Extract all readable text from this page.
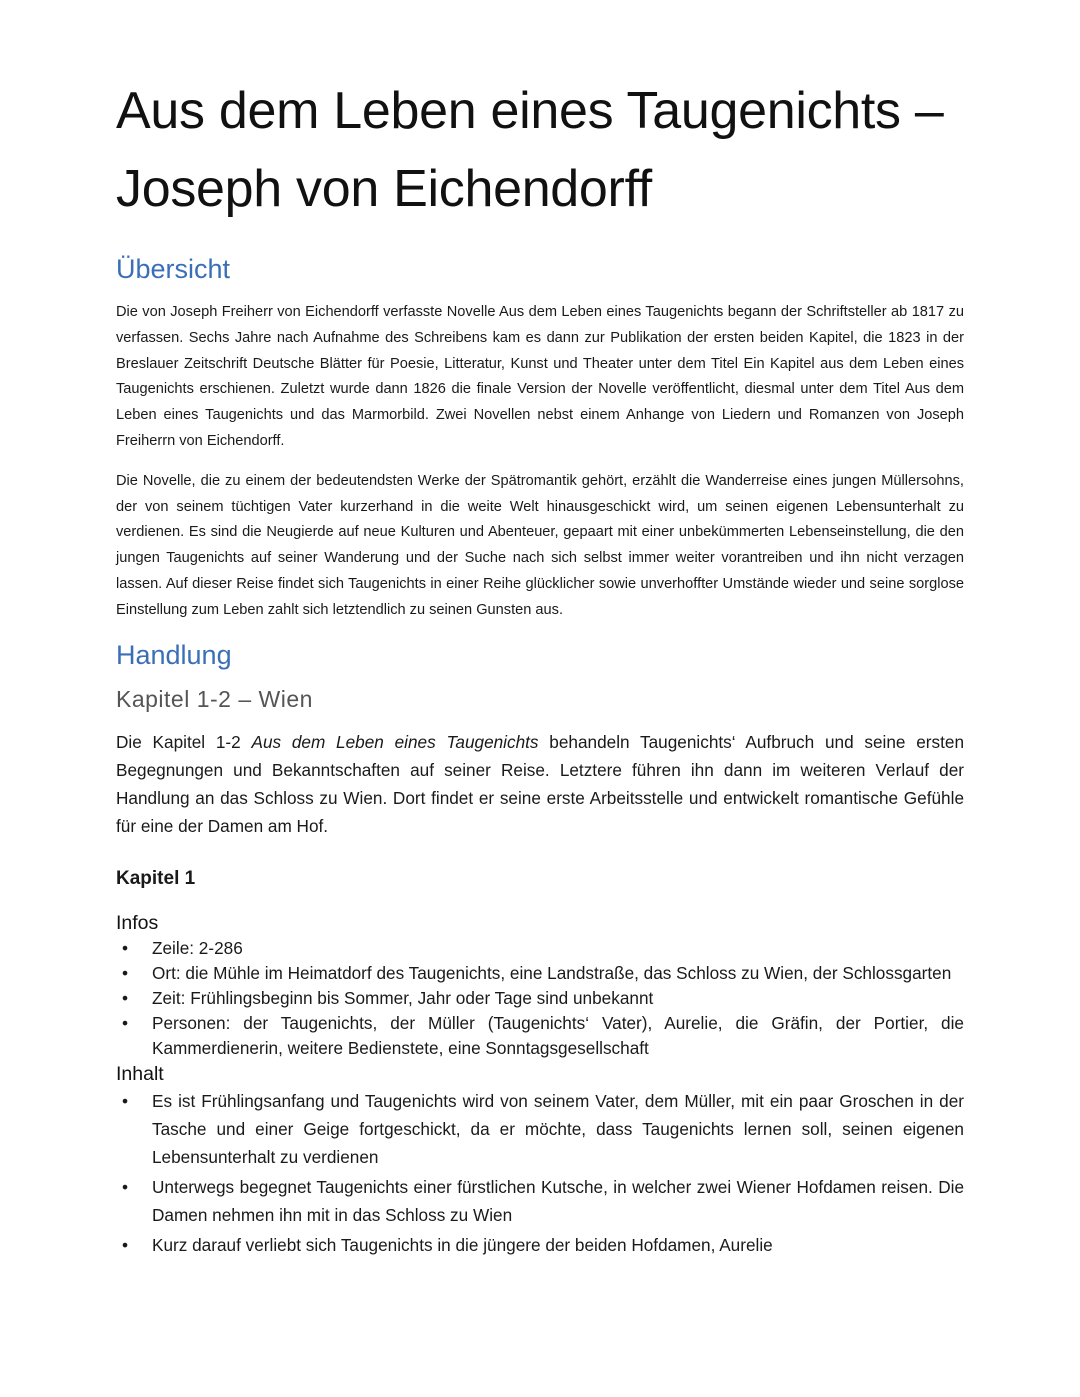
Aus dem Leben eines Taugenichts –
Joseph von Eichendorff
Übersicht

Die von Joseph Freiherr von Eichendorff verfasste Novelle Aus dem Leben eines Taugenichts begann der Schriftsteller ab 1817 zu verfassen. Sechs Jahre nach Aufnahme des Schreibens kam es dann zur Publikation der ersten beiden Kapitel, die 1823 in der Breslauer Zeitschrift Deutsche Blätter für Poesie, Litteratur, Kunst und Theater unter dem Titel Ein Kapitel aus dem Leben eines Taugenichts erschienen. Zuletzt wurde dann 1826 die finale Version der Novelle veröffentlicht, diesmal unter dem Titel Aus dem Leben eines Taugenichts und das Marmorbild. Zwei Novellen nebst einem Anhange von Liedern und Romanzen von Joseph Freiherrn von Eichendorff.

Die Novelle, die zu einem der bedeutendsten Werke der Spätromantik gehört, erzählt die Wanderreise eines jungen Müllersohns, der von seinem tüchtigen Vater kurzerhand in die weite Welt hinausgeschickt wird, um seinen eigenen Lebensunterhalt zu verdienen. Es sind die Neugierde auf neue Kulturen und Abenteuer, gepaart mit einer unbekümmerten Lebenseinstellung, die den jungen Taugenichts auf seiner Wanderung und der Suche nach sich selbst immer weiter vorantreiben und ihn nicht verzagen lassen. Auf dieser Reise findet sich Taugenichts in einer Reihe glücklicher sowie unverhoffter Umstände wieder und seine sorglose Einstellung zum Leben zahlt sich letztendlich zu seinen Gunsten aus.

Handlung
Kapitel 1-2 – Wien

Die Kapitel 1-2 Aus dem Leben eines Taugenichts behandeln Taugenichts‘ Aufbruch und seine ersten Begegnungen und Bekanntschaften auf seiner Reise. Letztere führen ihn dann im weiteren Verlauf der Handlung an das Schloss zu Wien. Dort findet er seine erste Arbeitsstelle und entwickelt romantische Gefühle für eine der Damen am Hof.

Kapitel 1
Infos
• Zeile: 2-286
• Ort: die Mühle im Heimatdorf des Taugenichts, eine Landstraße, das Schloss zu Wien, der Schlossgarten
• Zeit: Frühlingsbeginn bis Sommer, Jahr oder Tage sind unbekannt
• Personen: der Taugenichts, der Müller (Taugenichts‘ Vater), Aurelie, die Gräfin, der Portier, die Kammerdienerin, weitere Bedienstete, eine Sonntagsgesellschaft
Inhalt
• Es ist Frühlingsanfang und Taugenichts wird von seinem Vater, dem Müller, mit ein paar Groschen in der Tasche und einer Geige fortgeschickt, da er möchte, dass Taugenichts lernen soll, seinen eigenen Lebensunterhalt zu verdienen
• Unterwegs begegnet Taugenichts einer fürstlichen Kutsche, in welcher zwei Wiener Hofdamen reisen. Die Damen nehmen ihn mit in das Schloss zu Wien
• Kurz darauf verliebt sich Taugenichts in die jüngere der beiden Hofdamen, Aurelie
